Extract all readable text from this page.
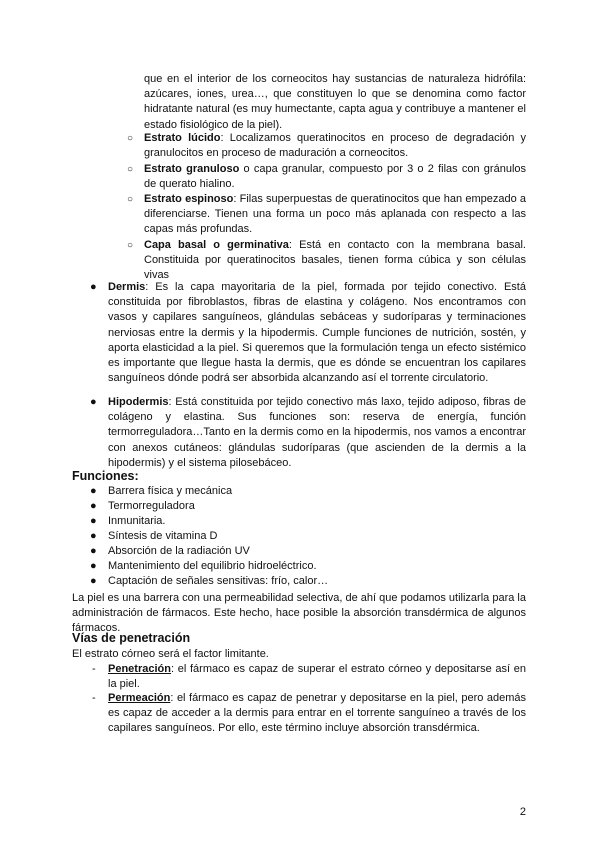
que en el interior de los corneocitos hay sustancias de naturaleza hidrófila: azúcares, iones, urea…, que constituyen lo que se denomina como factor hidratante natural (es muy humectante, capta agua y contribuye a mantener el estado fisiológico de la piel).

○ Estrato lúcido: Localizamos queratinocitos en proceso de degradación y granulocitos en proceso de maduración a corneocitos.

○ Estrato granuloso o capa granular, compuesto por 3 o 2 filas con gránulos de querato hialino.

○ Estrato espinoso: Filas superpuestas de queratinocitos que han empezado a diferenciarse. Tienen una forma un poco más aplanada con respecto a las capas más profundas.

○ Capa basal o germinativa: Está en contacto con la membrana basal. Constituida por queratinocitos basales, tienen forma cúbica y son células vivas

● Dermis: Es la capa mayoritaria de la piel, formada por tejido conectivo. Está constituida por fibroblastos, fibras de elastina y colágeno. Nos encontramos con vasos y capilares sanguíneos, glándulas sebáceas y sudoríparas y terminaciones nerviosas entre la dermis y la hipodermis. Cumple funciones de nutrición, sostén, y aporta elasticidad a la piel. Si queremos que la formulación tenga un efecto sistémico es importante que llegue hasta la dermis, que es dónde se encuentran los capilares sanguíneos dónde podrá ser absorbida alcanzando así el torrente circulatorio.

● Hipodermis: Está constituida por tejido conectivo más laxo, tejido adiposo, fibras de colágeno y elastina. Sus funciones son: reserva de energía, función termorreguladora…Tanto en la dermis como en la hipodermis, nos vamos a encontrar con anexos cutáneos: glándulas sudoríparas (que ascienden de la dermis a la hipodermis) y el sistema pilosebáceo.

Funciones:
● Barrera física y mecánica
● Termorreguladora
● Inmunitaria.
● Síntesis de vitamina D
● Absorción de la radiación UV
● Mantenimiento del equilibrio hidroeléctrico.
● Captación de señales sensitivas: frío, calor…

La piel es una barrera con una permeabilidad selectiva, de ahí que podamos utilizarla para la administración de fármacos. Este hecho, hace posible la absorción transdérmica de algunos fármacos.

Vías de penetración

El estrato córneo será el factor limitante.

- Penetración: el fármaco es capaz de superar el estrato córneo y depositarse así en la piel.

- Permeación: el fármaco es capaz de penetrar y depositarse en la piel, pero además es capaz de acceder a la dermis para entrar en el torrente sanguíneo a través de los capilares sanguíneos. Por ello, este término incluye absorción transdérmica.

2
